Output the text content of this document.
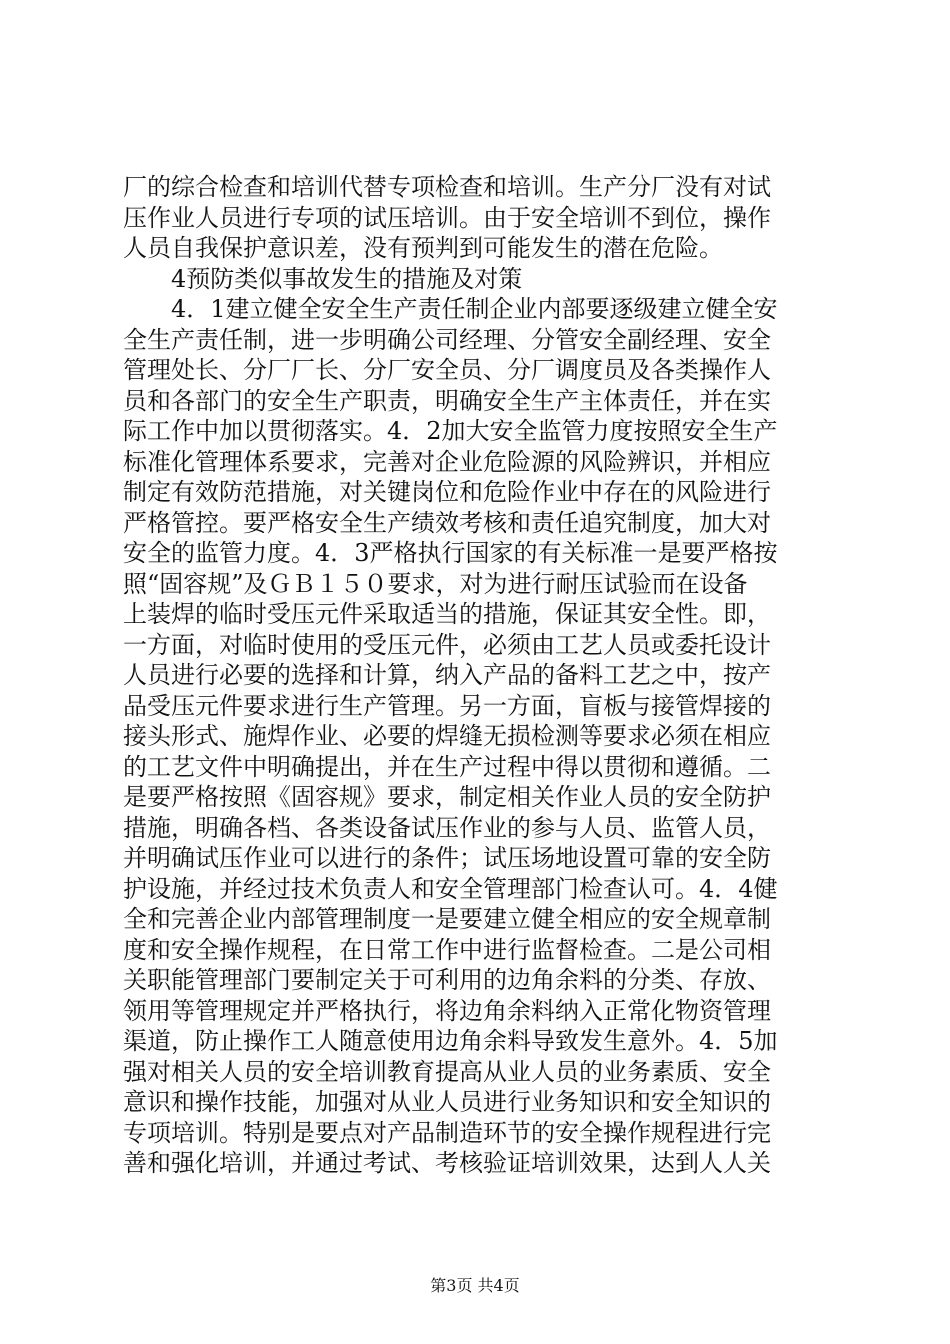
厂的综合检查和培训代替专项检查和培训。生产分厂没有对试
压作业人员进行专项的试压培训。由于安全培训不到位，操作
人员自我保护意识差，没有预判到可能发生的潜在危险。
4预防类似事故发生的措施及对策
4．1建立健全安全生产责任制企业内部要逐级建立健全安
全生产责任制，进一步明确公司经理、分管安全副经理、安全
管理处长、分厂厂长、分厂安全员、分厂调度员及各类操作人
员和各部门的安全生产职责，明确安全生产主体责任，并在实
际工作中加以贯彻落实。4．2加大安全监管力度按照安全生产
标准化管理体系要求，完善对企业危险源的风险辨识，并相应
制定有效防范措施，对关键岗位和危险作业中存在的风险进行
严格管控。要严格安全生产绩效考核和责任追究制度，加大对
安全的监管力度。4．3严格执行国家的有关标准一是要严格按
照“固容规”及ＧＢ１５０要求，对为进行耐压试验而在设备
上装焊的临时受压元件采取适当的措施，保证其安全性。即，
一方面，对临时使用的受压元件，必须由工艺人员或委托设计
人员进行必要的选择和计算，纳入产品的备料工艺之中，按产
品受压元件要求进行生产管理。另一方面，盲板与接管焊接的
接头形式、施焊作业、必要的焊缝无损检测等要求必须在相应
的工艺文件中明确提出，并在生产过程中得以贯彻和遵循。二
是要严格按照《固容规》要求，制定相关作业人员的安全防护
措施，明确各档、各类设备试压作业的参与人员、监管人员，
并明确试压作业可以进行的条件；试压场地设置可靠的安全防
护设施，并经过技术负责人和安全管理部门检查认可。4．4健
全和完善企业内部管理制度一是要建立健全相应的安全规章制
度和安全操作规程，在日常工作中进行监督检查。二是公司相
关职能管理部门要制定关于可利用的边角余料的分类、存放、
领用等管理规定并严格执行，将边角余料纳入正常化物资管理
渠道，防止操作工人随意使用边角余料导致发生意外。4．5加
强对相关人员的安全培训教育提高从业人员的业务素质、安全
意识和操作技能，加强对从业人员进行业务知识和安全知识的
专项培训。特别是要点对产品制造环节的安全操作规程进行完
善和强化培训，并通过考试、考核验证培训效果，达到人人关
第3页 共4页
